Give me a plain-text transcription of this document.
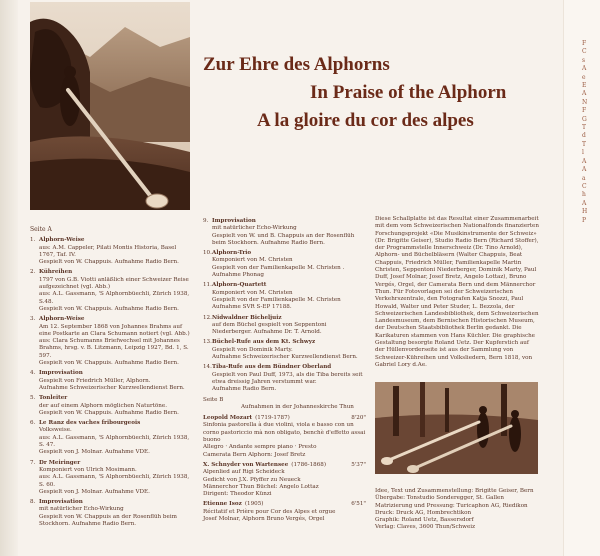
F
C
s
A
e
E
A
N
F
G
T
d
T
l
A
A
a
C
h
A
H
P
Zur Ehre des Alphorns
In Praise of the Alphorn
A la gloire du cor des alpes
Seite A
1. Alphorn-Weise
aus: A.M. Cappeler, Pilati Montis Historia, Basel 1767, Taf. IV.
Gespielt von W. Chappuis. Aufnahme Radio Bern.
2. Kühreihen
1797 von G.B. Viotti anläßlich einer Schweizer Reise aufgezeichnet (vgl. Abb.)
aus: A.L. Gassmann, 'S Alphornbüechli, Zürich 1938, S.48.
Gespielt von W. Chappuis. Aufnahme Radio Bern.
3. Alphorn-Weise
Am 12. September 1868 von Johannes Brahms auf eine Postkarte an Clara Schumann notiert (vgl. Abb.)
aus: Clara Schumanns Briefwechsel mit Johannes Brahms, hrsg. v. B. Litzmann, Leipzig 1927, Bd. 1, S. 597.
Gespielt von W. Chappuis. Aufnahme Radio Bern.
4. Improvisation
Gespielt von Friedrich Müller, Alphorn.
Aufnahme Schweizerischer Kurzwellendienst Bern.
5. Tonleiter
der auf einem Alphorn möglichen Naturtöne.
Gespielt von W. Chappuis. Aufnahme Radio Bern.
6. Le Ranz des vaches fribourgeois
Volksweise.
aus: A.L. Gassmann, 'S Alphornbüechli, Zürich 1938, S. 47.
Gespielt von J. Molnar. Aufnahme VDE.
7. Dr Meiringer
Komponiert von Ulrich Mosimann.
aus: A.L. Gassmann, 'S Alphornbüechli, Zürich 1938, S. 60.
Gespielt von J. Molnar. Aufnahme VDE.
8. Improvisation
mit natürlicher Echo-Wirkung
Gespielt von W. Chappuis an der Rosenflüh beim Stockhorn. Aufnahme Radio Bern.
9. Improvisation
mit natürlicher Echo-Wirkung
Gespielt von W. und B. Chappuis an der Rosenflüh beim Stockhorn. Aufnahme Radio Bern.
10.Alphorn-Trio
Komponiert von M. Christen
Gespielt von der Familienkapelle M. Christen . Aufnahme Phonag
11.Alphorn-Quartett
Komponiert von M. Christen
Gespielt von der Familienkapelle M. Christen
Aufnahme SVR S-EP 17188.
12.Nidwaldner Bicheljuiz
auf dem Büchel gespielt von Seppentoni Niederberger. Aufnahme Dr. T. Arnold.
13.Büchel-Rufe aus dem Kt. Schwyz
Gespielt von Dominik Marty.
Aufnahme Schweizerischer Kurzwellendienst Bern.
14.Tiba-Rufe aus dem Bündner Oberland
Gespielt von Paul Duff, 1973, als die Tiba bereits seit etwa dreissig Jahren verstummt war.
Aufnahme Radio Bern.
Seite B Aufnahmen in der Johanneskirche Thun
Leopold Mozart (1719-1787)	8'20"
Sinfonia pastorella à due violini, viola e basso con un corno pastoriccio mà non obligato, benchè d'effetto assai buono
Allegro · Andante sempre piano · Presto
Camerata Bern Alphorn: Josef Bretz
X. Schnyder von Wartensee (1786-1868)	5'37"
Alpenlied auf Rigi Scheideck
Gedicht von J.X. Pfyffer zu Neueck
Männerchor Thun Büchel: Angelo Lottaz
Dirigent: Theodor Künzi
Etienne Isoz (1905)	6'51"
Récitatif et Prière pour Cor des Alpes et orgue
Josef Molnar, Alphorn Bruno Vergés, Orgel

Diese Schallplatte ist das Resultat einer Zusammenarbeit mit dem vom Schweizerischen Nationalfonds finanzierten Forschungsprojekt «Die Musikinstrumente der Schweiz» (Dr. Brigitte Geiser), Studio Radio Bern (Richard Stoffer), der Programmstelle Innerschweiz (Dr. Tino Arnold), Alphorn- und Büchelbläsern (Walter Chappuis, Beat Chappuis, Friedrich Müller, Familienkapelle Martin Christen, Seppentoni Niederberger, Dominik Marty, Paul Duff, Josef Molnar, Josef Bretz, Angelo Lottaz), Bruno Vergés, Orgel, der Camerata Bern und dem Männerchor Thun. Für Fotovorlagen sei der Schweizerischen Verkehrszentrale, den Fotografen Katja Snozzi, Paul Howald, Walter und Peter Studer, L. Bezzola, der Schweizerischen Landesbibliothek, dem Schweizerischen Landesmuseum, dem Bernischen Historischen Museum, der Deutschen Staatsbibliothek Berlin gedankt. Die Karikaturen stammen von Hans Küchler. Die graphische Gestaltung besorgte Roland Uetz. Der Kupferstich auf der Hüllenvorderseite ist aus der Sammlung von Schweizer-Kühreihen und Volksliedern, Bern 1818, von Gabriel Lory d.Ae.

Idee, Text und Zusammenstellung: Brigitte Geiser, Bern
Übergabe: Tonstudio Sonderegger, St. Gallen
Matrizierung und Pressung: Turicaphon AG, Riedikon
Druck: Druck AG, Hombrechtikon
Graphik: Roland Uetz, Bassersdorf
Verlag: Claves, 3600 Thun/Schweiz
